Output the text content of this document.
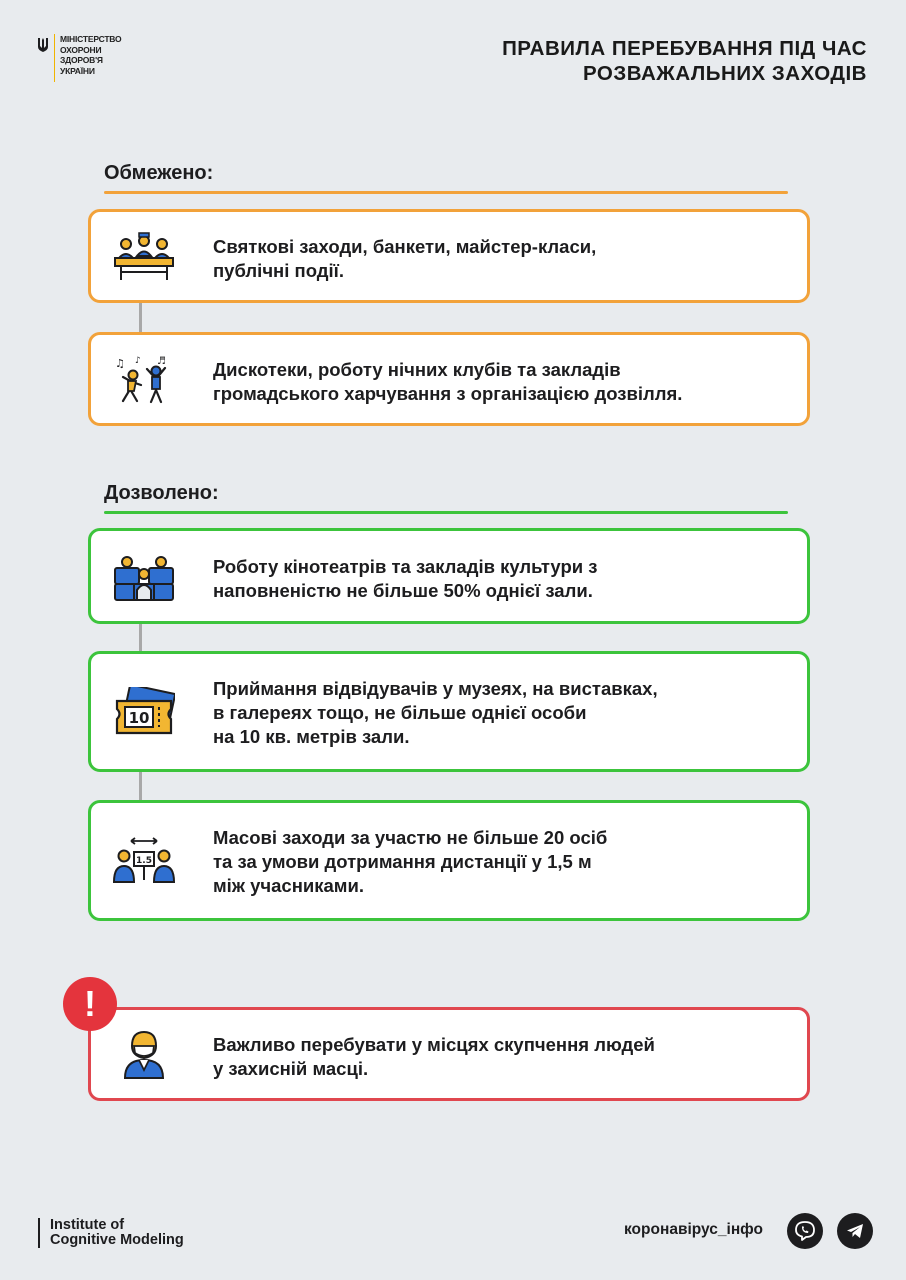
МІНІСТЕРСТВО
ОХОРОНИ
ЗДОРОВ'Я
УКРАЇНИ
ПРАВИЛА ПЕРЕБУВАННЯ ПІД ЧАС
РОЗВАЖАЛЬНИХ ЗАХОДІВ
Обмежено:
Святкові заходи, банкети, майстер-класи,
публічні події.
♫ ♪ ♬	Дискотеки, роботу нічних клубів та закладів
громадського харчування з організацією дозвілля.
Дозволено:
Роботу кінотеатрів та закладів культури з
наповненістю не більше 50% однієї зали.
10
Приймання відвідувачів у музеях, на виставках,
в галереях тощо, не більше однієї особи
на 10 кв. метрів зали.
1.5
Масові заходи за участю не більше 20 осіб
та за умови дотримання дистанції у 1,5 м
між учасниками.
Важливо перебувати у місцях скупчення людей
у захисній масці.
!
Institute of
Cognitive Modeling
коронавірус_інфо
